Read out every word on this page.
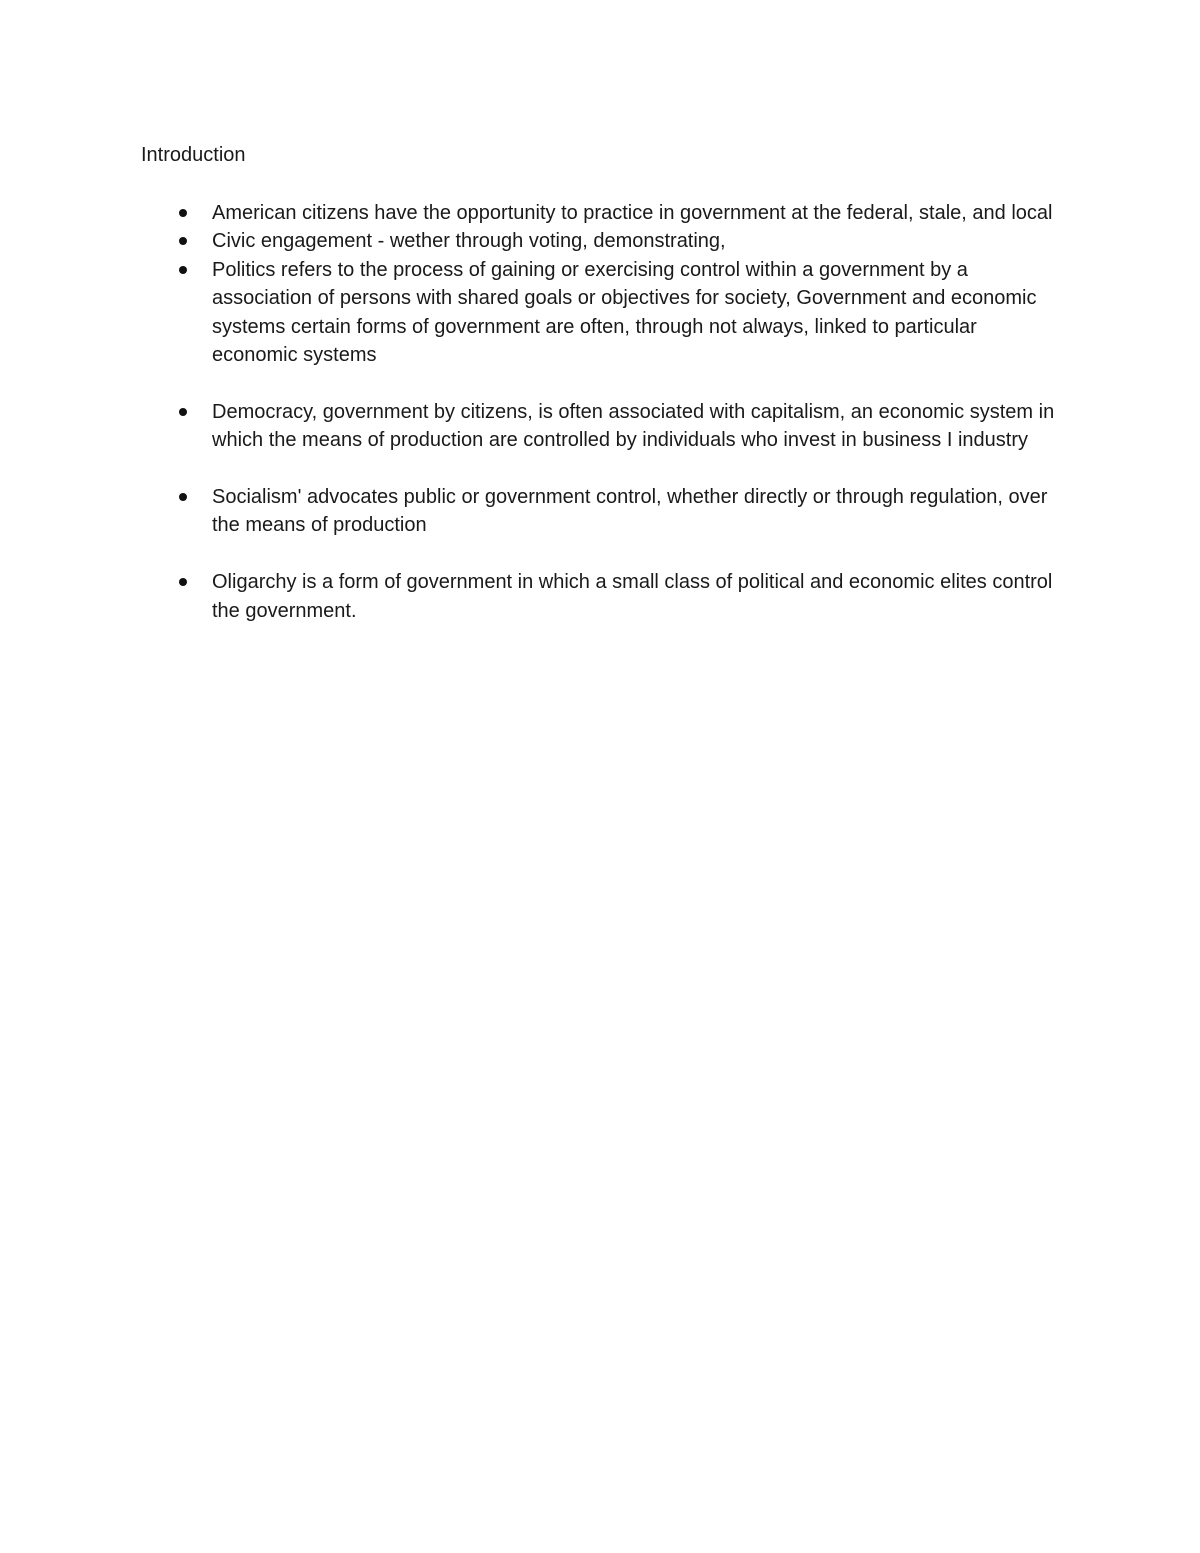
Introduction
American citizens have the opportunity to practice in government at the federal, stale, and local
Civic engagement - wether through voting, demonstrating,
Politics refers to the process of gaining or exercising control within a government by a association of persons with shared goals or objectives for society, Government and economic systems certain forms of government are often, through not always, linked to particular economic systems
Democracy, government by citizens, is often associated with capitalism, an economic system in which the means of production are controlled by individuals who invest in business I industry
Socialism' advocates public or government control, whether directly or through regulation, over the means of production
Oligarchy is a form of government in which a small class of political and economic elites control the government.
